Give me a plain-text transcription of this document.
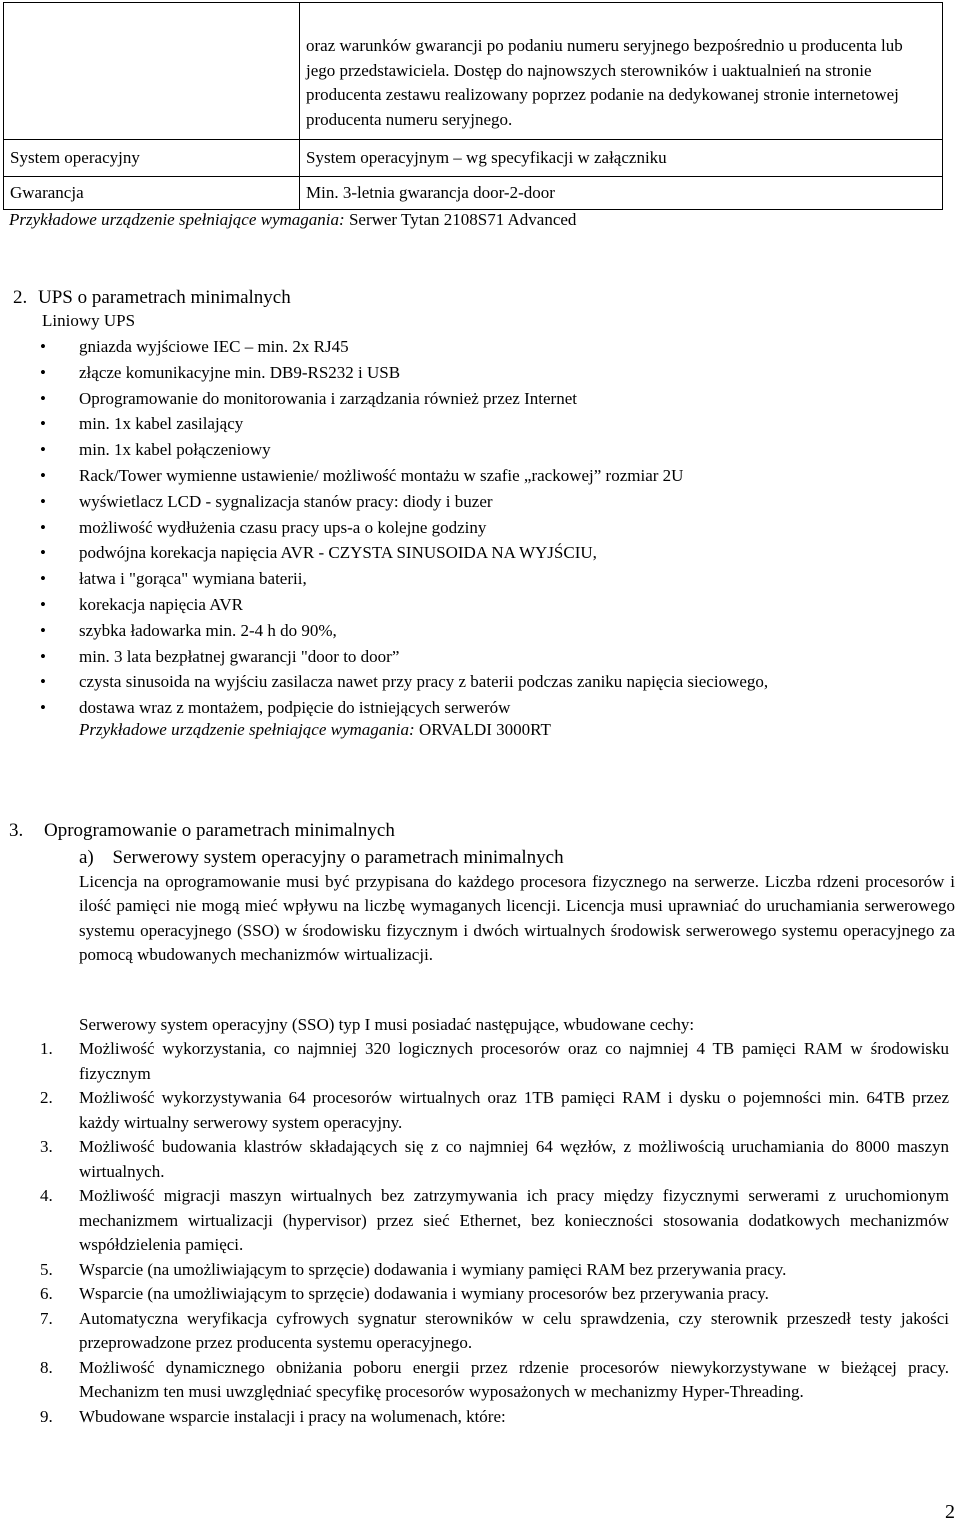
	oraz warunków gwarancji po podaniu numeru seryjnego bezpośrednio u producenta lub jego przedstawiciela. Dostęp do najnowszych sterowników i uaktualnień na stronie producenta zestawu realizowany poprzez podanie na dedykowanej stronie internetowej producenta numeru seryjnego.
System operacyjny	System operacyjnym – wg specyfikacji w załączniku
Gwarancja	Min. 3-letnia gwarancja door-2-door
Przykładowe urządzenie spełniające wymagania: Serwer Tytan 2108S71 Advanced
2. UPS o parametrach minimalnych
Liniowy UPS
• gniazda wyjściowe IEC – min. 2x RJ45
• złącze komunikacyjne min. DB9-RS232 i USB
• Oprogramowanie do monitorowania i zarządzania również przez Internet
• min. 1x kabel zasilający
• min. 1x kabel połączeniowy
• Rack/Tower wymienne ustawienie/ możliwość montażu w szafie „rackowej” rozmiar 2U
• wyświetlacz LCD - sygnalizacja stanów pracy: diody i buzer
• możliwość wydłużenia czasu pracy ups-a o kolejne godziny
• podwójna korekacja napięcia AVR - CZYSTA SINUSOIDA NA WYJŚCIU,
• łatwa i "gorąca" wymiana baterii,
• korekacja napięcia AVR
• szybka ładowarka min. 2-4 h do 90%,
• min. 3 lata bezpłatnej gwarancji "door to door”
• czysta sinusoida na wyjściu zasilacza nawet przy pracy z baterii podczas zaniku napięcia sieciowego,
• dostawa wraz z montażem, podpięcie do istniejących serwerów
Przykładowe urządzenie spełniające wymagania: ORVALDI 3000RT
3. Oprogramowanie o parametrach minimalnych
a) Serwerowy system operacyjny o parametrach minimalnych
Licencja na oprogramowanie musi być przypisana do każdego procesora fizycznego na serwerze. Liczba rdzeni procesorów i ilość pamięci nie mogą mieć wpływu na liczbę wymaganych licencji. Licencja musi uprawniać do uruchamiania serwerowego systemu operacyjnego (SSO) w środowisku fizycznym i dwóch wirtualnych środowisk serwerowego systemu operacyjnego za pomocą wbudowanych mechanizmów wirtualizacji.
Serwerowy system operacyjny (SSO) typ I musi posiadać następujące, wbudowane cechy:
1. Możliwość wykorzystania, co najmniej 320 logicznych procesorów oraz co najmniej 4 TB pamięci RAM w środowisku fizycznym
2. Możliwość wykorzystywania 64 procesorów wirtualnych oraz 1TB pamięci RAM i dysku o pojemności min. 64TB przez każdy wirtualny serwerowy system operacyjny.
3. Możliwość budowania klastrów składających się z co najmniej 64 węzłów, z możliwością uruchamiania do 8000 maszyn wirtualnych.
4. Możliwość migracji maszyn wirtualnych bez zatrzymywania ich pracy między fizycznymi serwerami z uruchomionym mechanizmem wirtualizacji (hypervisor) przez sieć Ethernet, bez konieczności stosowania dodatkowych mechanizmów współdzielenia pamięci.
5. Wsparcie (na umożliwiającym to sprzęcie) dodawania i wymiany pamięci RAM bez przerywania pracy.
6. Wsparcie (na umożliwiającym to sprzęcie) dodawania i wymiany procesorów bez przerywania pracy.
7. Automatyczna weryfikacja cyfrowych sygnatur sterowników w celu sprawdzenia, czy sterownik przeszedł testy jakości przeprowadzone przez producenta systemu operacyjnego.
8. Możliwość dynamicznego obniżania poboru energii przez rdzenie procesorów niewykorzystywane w bieżącej pracy. Mechanizm ten musi uwzględniać specyfikę procesorów wyposażonych w mechanizmy Hyper-Threading.
9. Wbudowane wsparcie instalacji i pracy na wolumenach, które:
2
